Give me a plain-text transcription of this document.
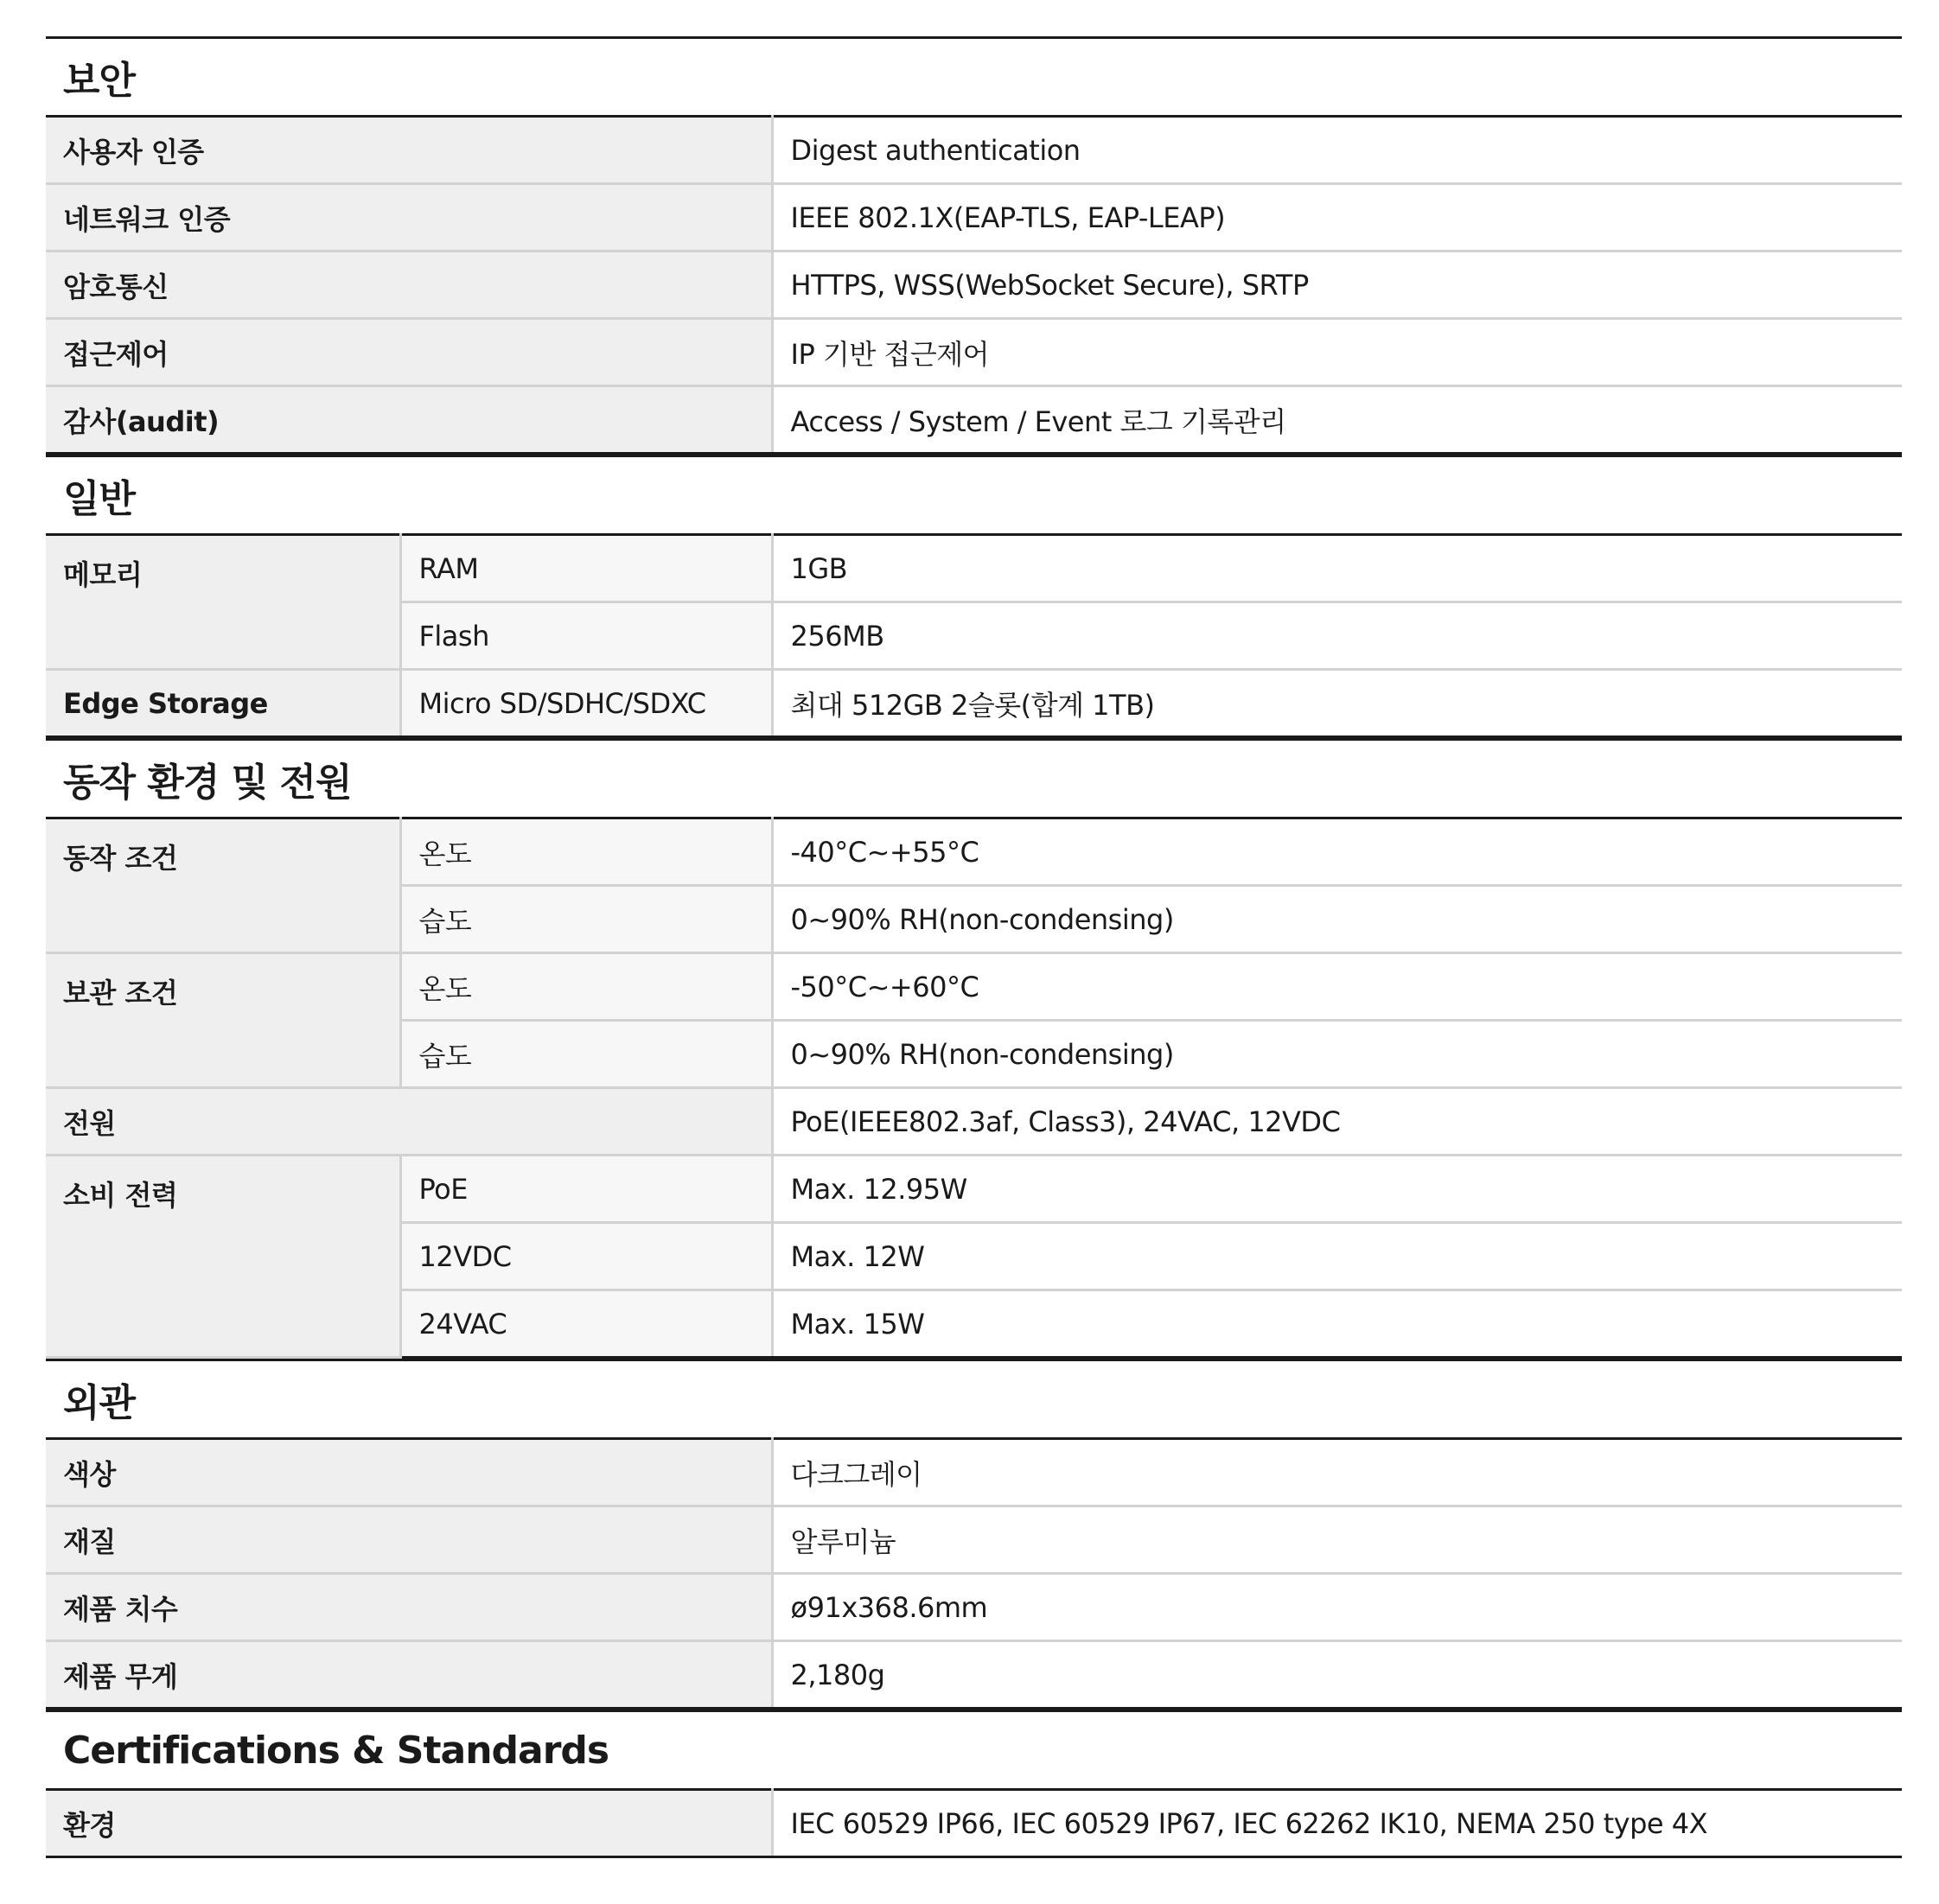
보안
사용자 인증	Digest authentication
네트워크 인증	IEEE 802.1X(EAP-TLS, EAP-LEAP)
암호통신	HTTPS, WSS(WebSocket Secure), SRTP
접근제어	IP 기반 접근제어
감사(audit)	Access / System / Event 로그 기록관리
일반
메모리	RAM	1GB
	Flash	256MB
Edge Storage	Micro SD/SDHC/SDXC	최대 512GB 2슬롯(합계 1TB)
동작 환경 및 전원
동작 조건	온도	-40°C~+55°C
	습도	0~90% RH(non-condensing)
보관 조건	온도	-50°C~+60°C
	습도	0~90% RH(non-condensing)
전원		PoE(IEEE802.3af, Class3), 24VAC, 12VDC
소비 전력	PoE	Max. 12.95W
	12VDC	Max. 12W
	24VAC	Max. 15W
외관
색상	다크그레이
재질	알루미늄
제품 치수	ø91x368.6mm
제품 무게	2,180g
Certifications & Standards
환경	IEC 60529 IP66, IEC 60529 IP67, IEC 62262 IK10, NEMA 250 type 4X
